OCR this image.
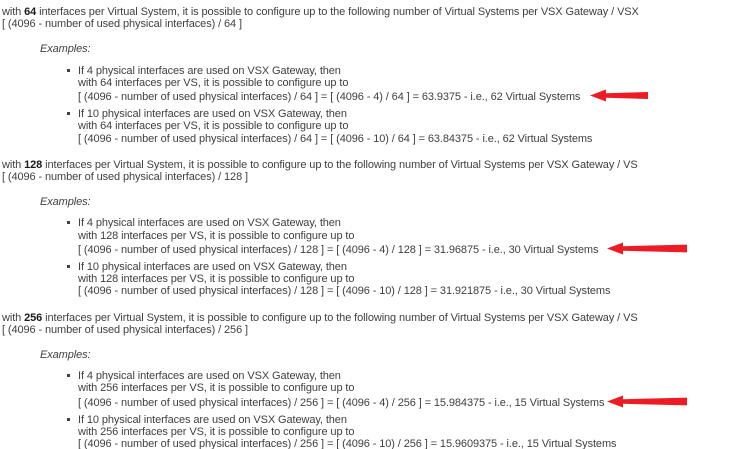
with 64 interfaces per Virtual System, it is possible to configure up to the following number of Virtual Systems per VSX Gateway / VSX
[ (4096 - number of used physical interfaces) / 64 ]
Examples:
If 4 physical interfaces are used on VSX Gateway, then
with 64 interfaces per VS, it is possible to configure up to
[ (4096 - number of used physical interfaces) / 64 ] = [ (4096 - 4) / 64 ] = 63.9375 - i.e., 62 Virtual Systems
If 10 physical interfaces are used on VSX Gateway, then
with 64 interfaces per VS, it is possible to configure up to
[ (4096 - number of used physical interfaces) / 64 ] = [ (4096 - 10) / 64 ] = 63.84375 - i.e., 62 Virtual Systems
with 128 interfaces per Virtual System, it is possible to configure up to the following number of Virtual Systems per VSX Gateway / VS
[ (4096 - number of used physical interfaces) / 128 ]
Examples:
If 4 physical interfaces are used on VSX Gateway, then
with 128 interfaces per VS, it is possible to configure up to
[ (4096 - number of used physical interfaces) / 128 ] = [ (4096 - 4) / 128 ] = 31.96875 - i.e., 30 Virtual Systems
If 10 physical interfaces are used on VSX Gateway, then
with 128 interfaces per VS, it is possible to configure up to
[ (4096 - number of used physical interfaces) / 128 ] = [ (4096 - 10) / 128 ] = 31.921875 - i.e., 30 Virtual Systems
with 256 interfaces per Virtual System, it is possible to configure up to the following number of Virtual Systems per VSX Gateway / VS
[ (4096 - number of used physical interfaces) / 256 ]
Examples:
If 4 physical interfaces are used on VSX Gateway, then
with 256 interfaces per VS, it is possible to configure up to
[ (4096 - number of used physical interfaces) / 256 ] = [ (4096 - 4) / 256 ] = 15.984375 - i.e., 15 Virtual Systems
If 10 physical interfaces are used on VSX Gateway, then
with 256 interfaces per VS, it is possible to configure up to
[ (4096 - number of used physical interfaces) / 256 ] = [ (4096 - 10) / 256 ] = 15.9609375 - i.e., 15 Virtual Systems
